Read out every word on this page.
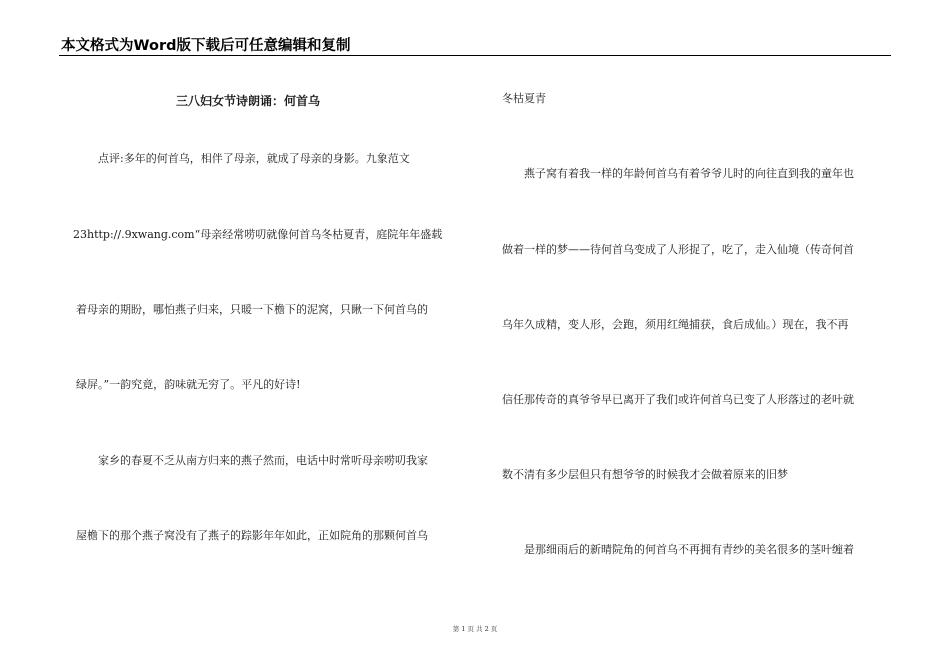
本文格式为Word版下载后可任意编辑和复制
三八妇女节诗朗诵：何首乌
　　点评:多年的何首乌，相伴了母亲，就成了母亲的身影。九象范文
23http://.9xwang.com“母亲经常唠叨就像何首乌冬枯夏青，庭院年年盛载
着母亲的期盼，哪怕燕子归来，只暖一下檐下的泥窝，只瞅一下何首乌的
绿屏。”一韵究竟，韵味就无穷了。平凡的好诗!
　　家乡的春夏不乏从南方归来的燕子然而，电话中时常听母亲唠叨我家
屋檐下的那个燕子窝没有了燕子的踪影年年如此，正如院角的那颗何首乌
冬枯夏青
　　燕子窝有着我一样的年龄何首乌有着爷爷儿时的向往直到我的童年也
做着一样的梦——待何首乌变成了人形捉了，吃了，走入仙境（传奇何首
乌年久成精，变人形，会跑，须用红绳捕获，食后成仙。）现在，我不再
信任那传奇的真爷爷早已离开了我们或许何首乌已变了人形落过的老叶就
数不清有多少层但只有想爷爷的时候我才会做着原来的旧梦
　　是那细雨后的新晴院角的何首乌不再拥有青纱的美名很多的茎叶缠着
第 1 页 共 2 页
